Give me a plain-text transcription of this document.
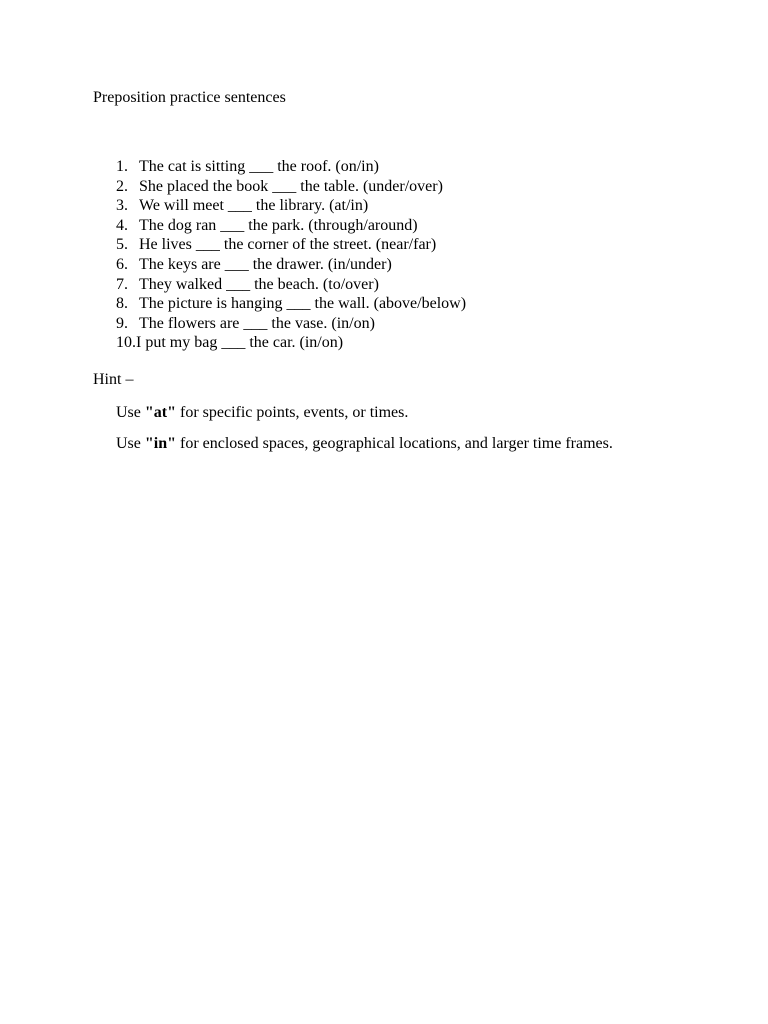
Preposition practice sentences
1. The cat is sitting ___ the roof. (on/in)
2. She placed the book ___ the table. (under/over)
3. We will meet ___ the library. (at/in)
4. The dog ran ___ the park. (through/around)
5. He lives ___ the corner of the street. (near/far)
6. The keys are ___ the drawer. (in/under)
7. They walked ___ the beach. (to/over)
8. The picture is hanging ___ the wall. (above/below)
9. The flowers are ___ the vase. (in/on)
10.I put my bag ___ the car. (in/on)
Hint –
Use "at" for specific points, events, or times.
Use "in" for enclosed spaces, geographical locations, and larger time frames.
